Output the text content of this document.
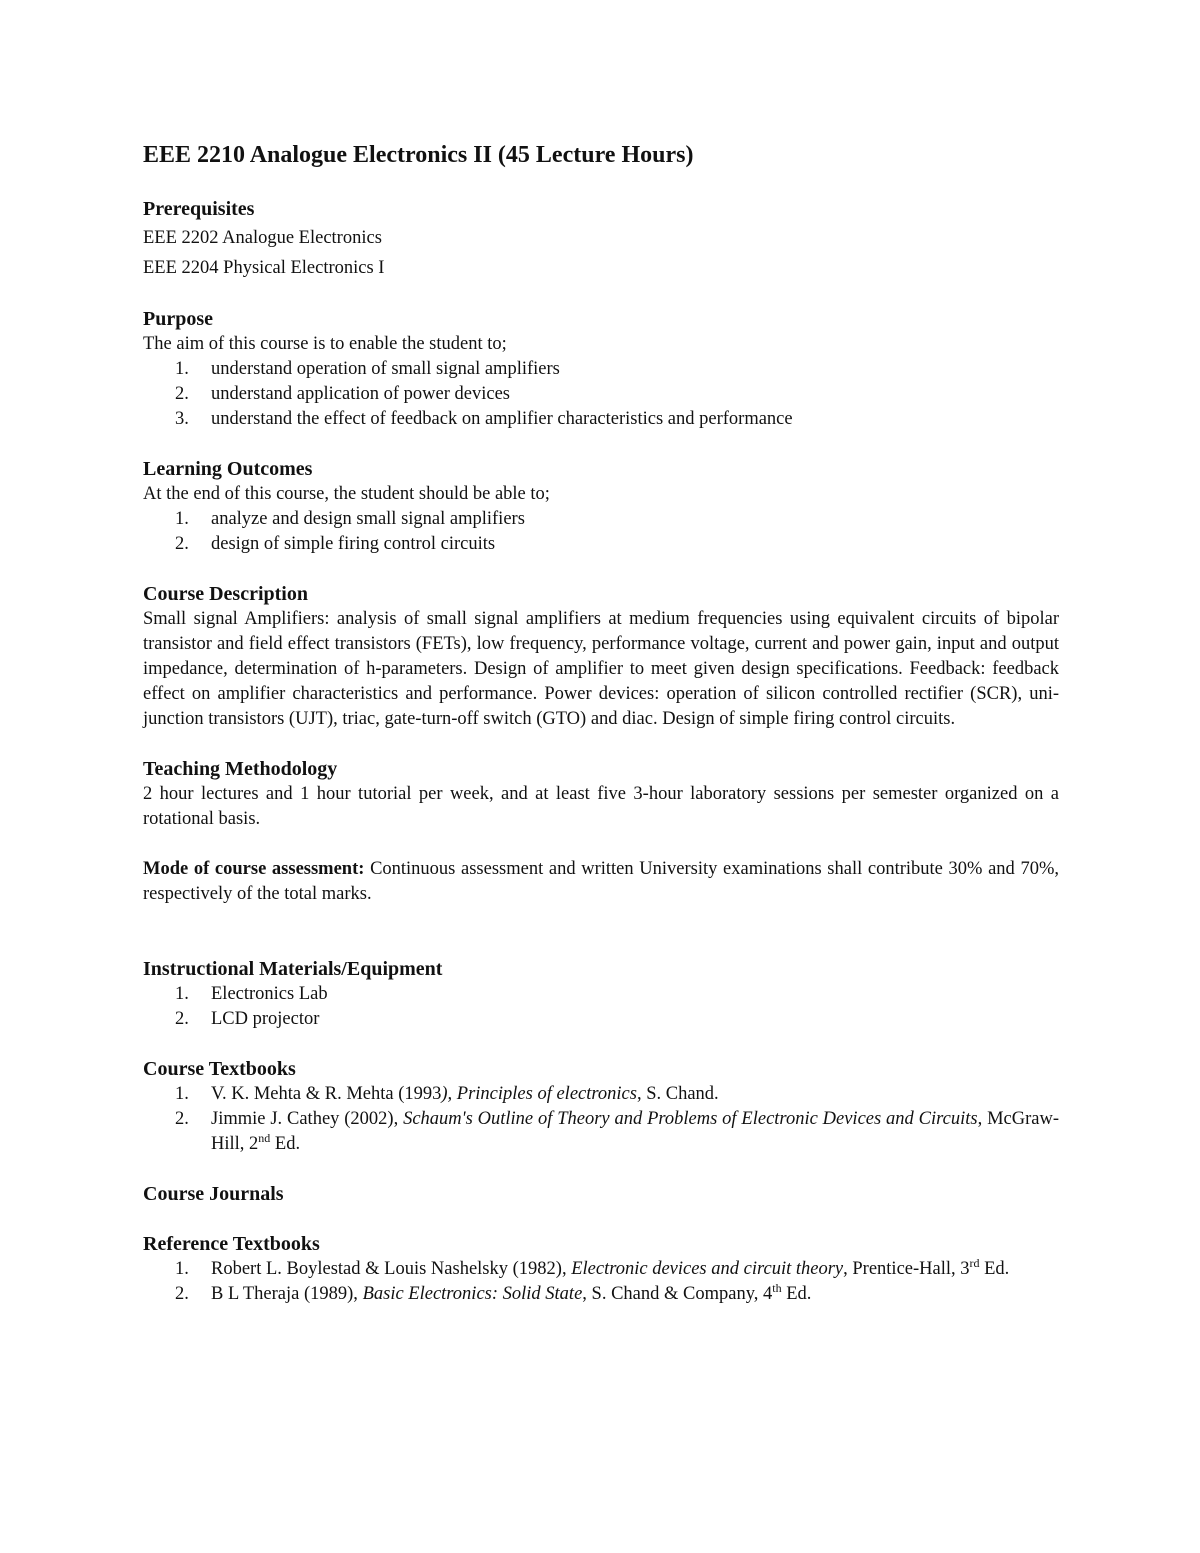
EEE 2210 Analogue Electronics II (45 Lecture Hours)
Prerequisites
EEE 2202 Analogue Electronics
EEE 2204 Physical Electronics I
Purpose
The aim of this course is to enable the student to;
1. understand operation of small signal amplifiers
2. understand application of power devices
3. understand the effect of feedback on amplifier characteristics and performance
Learning Outcomes
At the end of this course, the student should be able to;
1. analyze and design small signal amplifiers
2. design of simple firing control circuits
Course Description
Small signal Amplifiers: analysis of small signal amplifiers at medium frequencies using equivalent circuits of bipolar transistor and field effect transistors (FETs), low frequency, performance voltage, current and power gain, input and output impedance, determination of h-parameters. Design of amplifier to meet given design specifications. Feedback: feedback effect on amplifier characteristics and performance. Power devices: operation of silicon controlled rectifier (SCR), uni-junction transistors (UJT), triac, gate-turn-off switch (GTO) and diac. Design of simple firing control circuits.
Teaching Methodology
2 hour lectures and 1 hour tutorial per week, and at least five 3-hour laboratory sessions per semester organized on a rotational basis.
Mode of course assessment: Continuous assessment and written University examinations shall contribute 30% and 70%, respectively of the total marks.
Instructional Materials/Equipment
1. Electronics Lab
2. LCD projector
Course Textbooks
1. V. K. Mehta & R. Mehta (1993), Principles of electronics, S. Chand.
2. Jimmie J. Cathey (2002), Schaum's Outline of Theory and Problems of Electronic Devices and Circuits, McGraw-Hill, 2nd Ed.
Course Journals
Reference Textbooks
1. Robert L. Boylestad & Louis Nashelsky (1982), Electronic devices and circuit theory, Prentice-Hall, 3rd Ed.
2. B L Theraja (1989), Basic Electronics: Solid State, S. Chand & Company, 4th Ed.
